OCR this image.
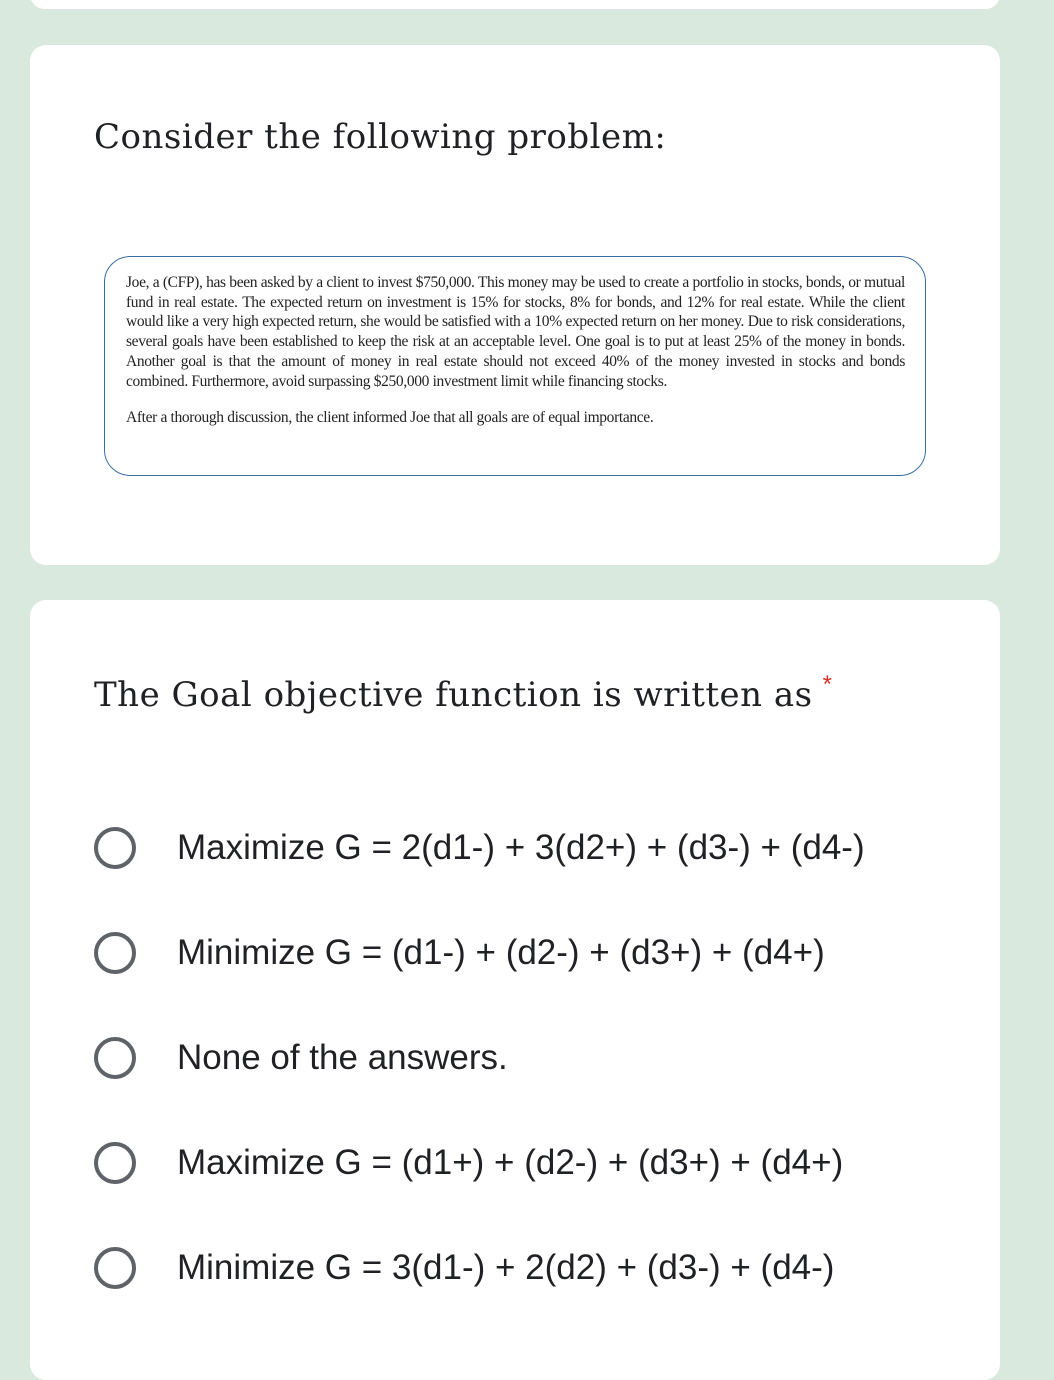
Consider the following problem:

Joe, a (CFP), has been asked by a client to invest $750,000. This money may be used to create a portfolio in stocks, bonds, or mutual fund in real estate. The expected return on investment is 15% for stocks, 8% for bonds, and 12% for real estate. While the client would like a very high expected return, she would be satisfied with a 10% expected return on her money. Due to risk considerations, several goals have been established to keep the risk at an acceptable level. One goal is to put at least 25% of the money in bonds. Another goal is that the amount of money in real estate should not exceed 40% of the money invested in stocks and bonds combined. Furthermore, avoid surpassing $250,000 investment limit while financing stocks.

After a thorough discussion, the client informed Joe that all goals are of equal importance.

The Goal objective function is written as *
Maximize G = 2(d1-) + 3(d2+) + (d3-) + (d4-)
Minimize G = (d1-) + (d2-) + (d3+) + (d4+)
None of the answers.
Maximize G = (d1+) + (d2-) + (d3+) + (d4+)
Minimize G = 3(d1-) + 2(d2) + (d3-) + (d4-)
